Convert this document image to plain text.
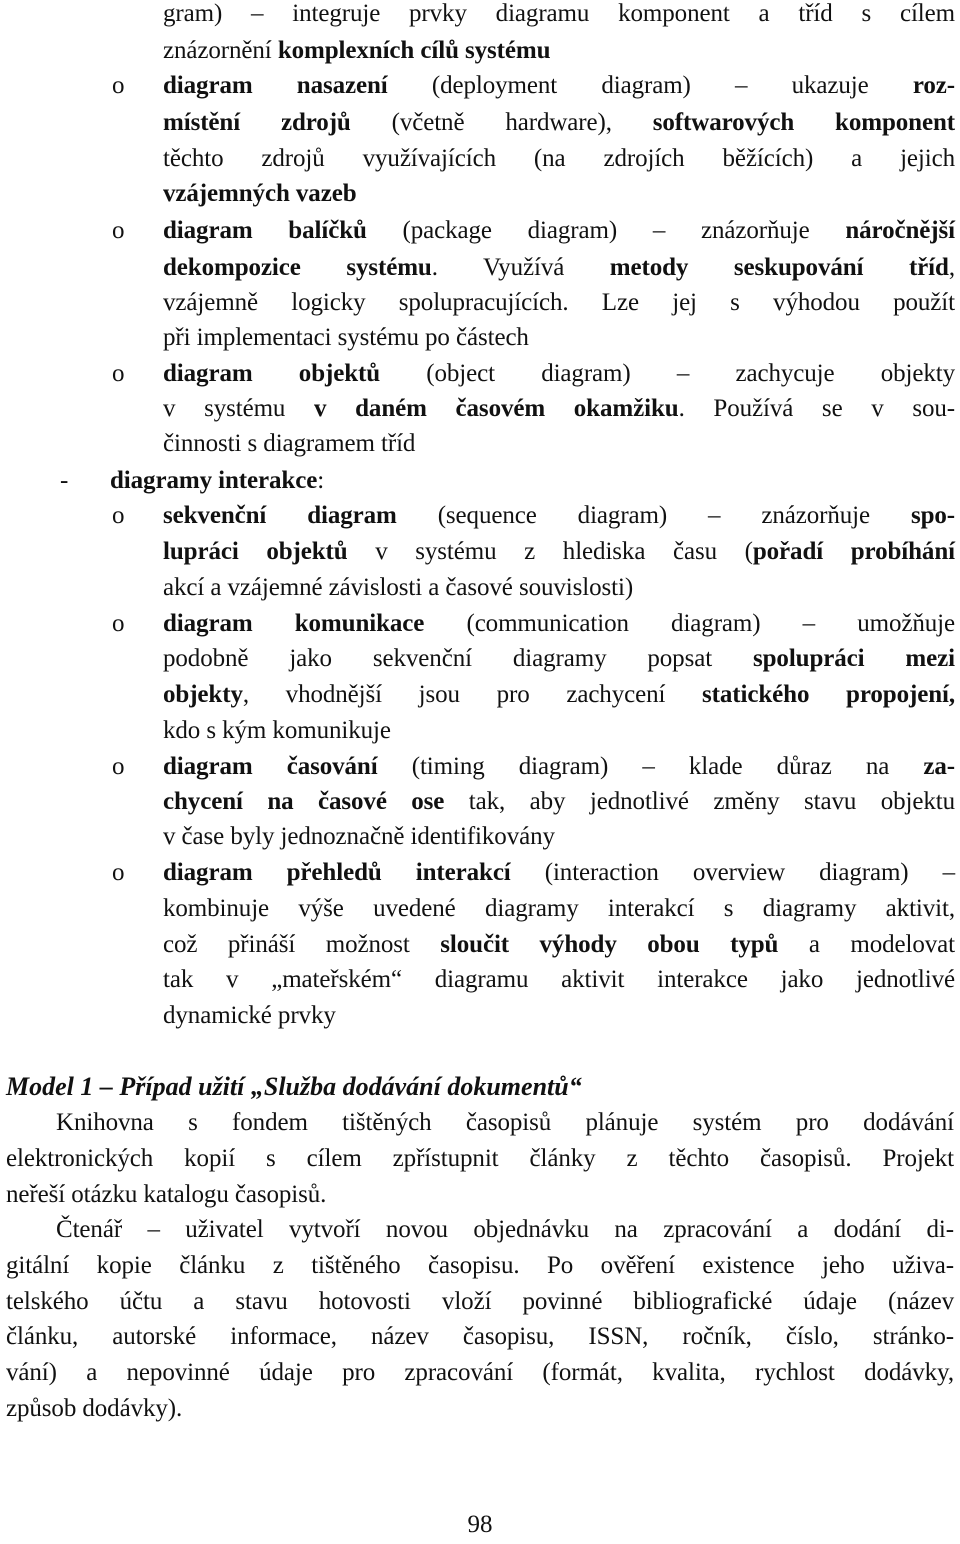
gram) – integruje prvky diagramu komponent a tříd s cílem
znázornění komplexních cílů systému
o diagram nasazení (deployment diagram) – ukazuje roz-
místění zdrojů (včetně hardware), softwarových komponent
těchto zdrojů využívajících (na zdrojích běžících) a jejich
vzájemných vazeb
o diagram balíčků (package diagram) – znázorňuje náročnější
dekompozice systému. Využívá metody seskupování tříd,
vzájemně logicky spolupracujících. Lze jej s výhodou použít
při implementaci systému po částech
o diagram objektů (object diagram) – zachycuje objekty
v systému v daném časovém okamžiku. Používá se v sou-
činnosti s diagramem tříd
- diagramy interakce:
o sekvenční diagram (sequence diagram) – znázorňuje spo-
lupráci objektů v systému z hlediska času (pořadí probíhání
akcí a vzájemné závislosti a časové souvislosti)
o diagram komunikace (communication diagram) – umožňuje
podobně jako sekvenční diagramy popsat spolupráci mezi
objekty, vhodnější jsou pro zachycení statického propojení,
kdo s kým komunikuje
o diagram časování (timing diagram) – klade důraz na za-
chycení na časové ose tak, aby jednotlivé změny stavu objektu
v čase byly jednoznačně identifikovány
o diagram přehledů interakcí (interaction overview diagram) –
kombinuje výše uvedené diagramy interakcí s diagramy aktivit,
což přináší možnost sloučit výhody obou typů a modelovat
tak v „mateřském“ diagramu aktivit interakce jako jednotlivé
dynamické prvky
Model 1 – Případ užití „Služba dodávání dokumentů“
Knihovna s fondem tištěných časopisů plánuje systém pro dodávání
elektronických kopií s cílem zpřístupnit články z těchto časopisů. Projekt
neřeší otázku katalogu časopisů.
Čtenář – uživatel vytvoří novou objednávku na zpracování a dodání di-
gitální kopie článku z tištěného časopisu. Po ověření existence jeho uživa-
telského účtu a stavu hotovosti vloží povinné bibliografické údaje (název
článku, autorské informace, název časopisu, ISSN, ročník, číslo, stránko-
vání) a nepovinné údaje pro zpracování (formát, kvalita, rychlost dodávky,
způsob dodávky).
98
